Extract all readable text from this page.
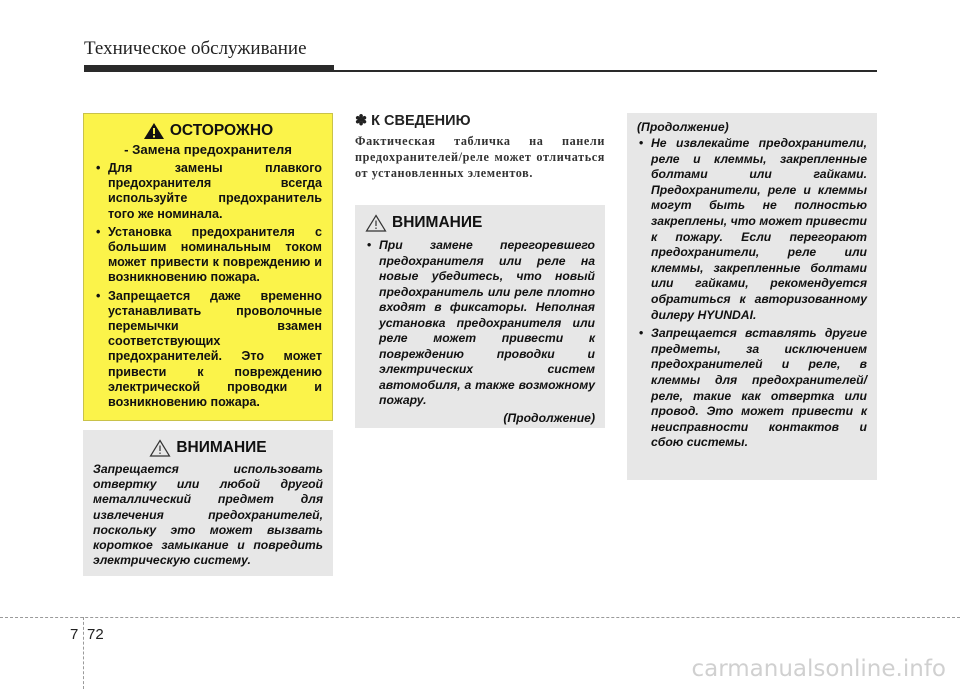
Техническое обслуживание
ОСТОРОЖНО
- Замена предохранителя
• Для замены плавкого предохранителя всегда используйте предохранитель того же номинала.
• Установка предохранителя с большим номинальным током может привести к повреждению и возникновению пожара.
• Запрещается даже временно устанавливать проволочные перемычки взамен соответствующих предохранителей. Это может привести к повреждению электрической проводки и возникновению пожара.
ВНИМАНИЕ
Запрещается использовать отвертку или любой другой металлический предмет для извлечения предохранителей, поскольку это может вызвать короткое замыкание и повредить электрическую систему.
✽ К СВЕДЕНИЮ
Фактическая табличка на панели предохранителей/реле может отличаться от установленных элементов.
ВНИМАНИЕ
• При замене перегоревшего предохранителя или реле на новые убедитесь, что новый предохранитель или реле плотно входят в фиксаторы. Неполная установка предохранителя или реле может привести к повреждению проводки и электрических систем автомобиля, а также возможному пожару.
(Продолжение)
(Продолжение)
• Не извлекайте предохранители, реле и клеммы, закрепленные болтами или гайками. Предохранители, реле и клеммы могут быть не полностью закреплены, что может привести к пожару. Если перегорают предохранители, реле или клеммы, закрепленные болтами или гайками, рекомендуется обратиться к авторизованному дилеру HYUNDAI.
• Запрещается вставлять другие предметы, за исключением предохранителей и реле, в клеммы для предохранителей/реле, такие как отвертка или провод. Это может привести к неисправности контактов и сбою системы.
7 72
carmanualsonline.info
